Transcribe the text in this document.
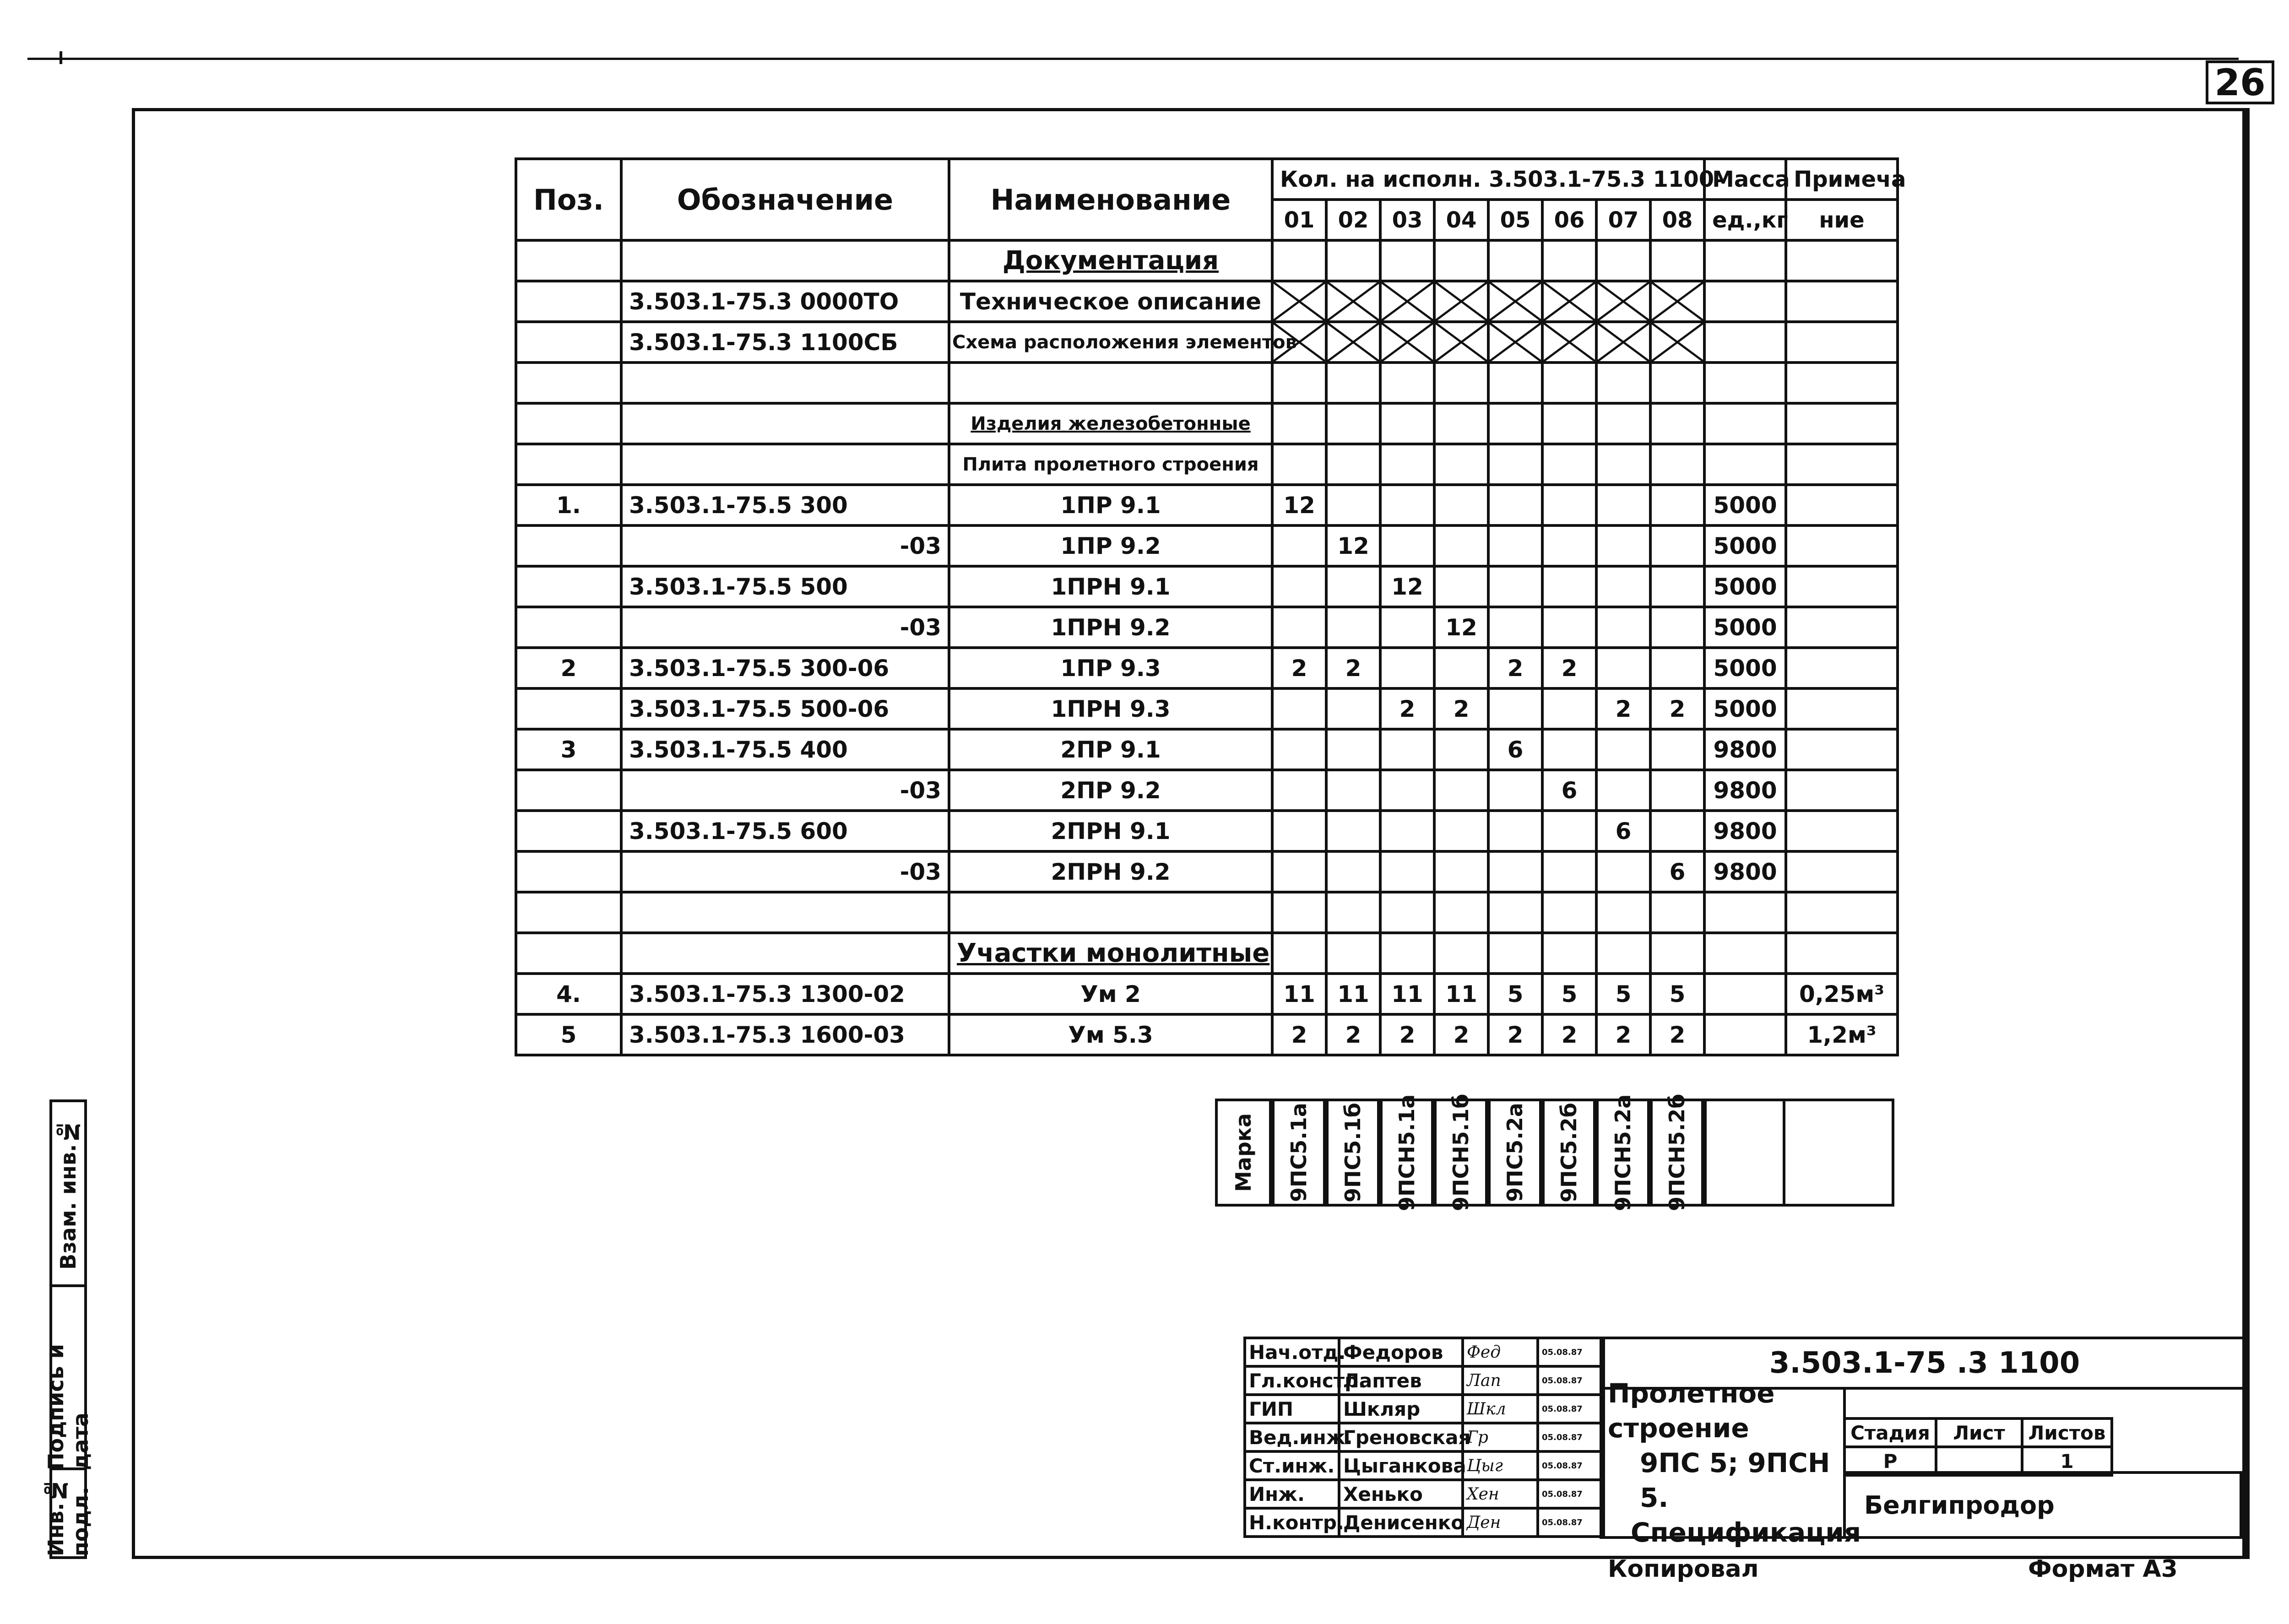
26
Инв.№ подл.
Подпись и дата
Взам. инв.№
Поз.	Обозначение	Наименование	Кол. на исполн. 3.503.1-75.3 1100–								Масса	Примеча
			01	02	03	04	05	06	07	08	ед.,кг	ние
		Документация										
	3.503.1-75.3 0000ТО	Техническое описание	

	3.503.1-75.3 1100СБ	Схема расположения элементов	

		Изделия железобетонные										
		Плита пролетного строения										
1.	3.503.1-75.5 300	1ПР 9.1	12								5000	
	-03	1ПР 9.2		12							5000	
	3.503.1-75.5 500	1ПРН 9.1			12						5000	
	-03	1ПРН 9.2				12					5000	
2	3.503.1-75.5 300-06	1ПР 9.3	2	2			2	2			5000	
	3.503.1-75.5 500-06	1ПРН 9.3			2	2			2	2	5000	
3	3.503.1-75.5 400	2ПР 9.1					6				9800	
	-03	2ПР 9.2						6			9800	
	3.503.1-75.5 600	2ПРН 9.1							6		9800	
	-03	2ПРН 9.2								6	9800	

		Участки монолитные										
4.	3.503.1-75.3 1300-02	Ум 2	11	11	11	11	5	5	5	5		0,25м³
5	3.503.1-75.3 1600-03	Ум 5.3	2	2	2	2	2	2	2	2		1,2м³
Марка	9ПС5.1а	9ПС5.1б	9ПСН5.1а	9ПСН5.1б	9ПС5.2а	9ПС5.2б	9ПСН5.2а	9ПСН5.2б
Нач.отд.	Федоров	Фед	05.08.87
Гл.констр.	Лаптев	Лап	05.08.87
ГИП	Шкляр	Шкл	05.08.87
Вед.инж.	Греновская	Гр	05.08.87
Ст.инж.	Цыганкова	Цыг	05.08.87
Инж.	Хенько	Хен	05.08.87
Н.контр.	Денисенко	Ден	05.08.87
3.503.1-75 .3 1100
Пролетное строение
9ПС 5; 9ПСН 5.
Спецификация
Стадия	Лист	Листов
Р		1
Белгипродор
Копировал	Формат А3
